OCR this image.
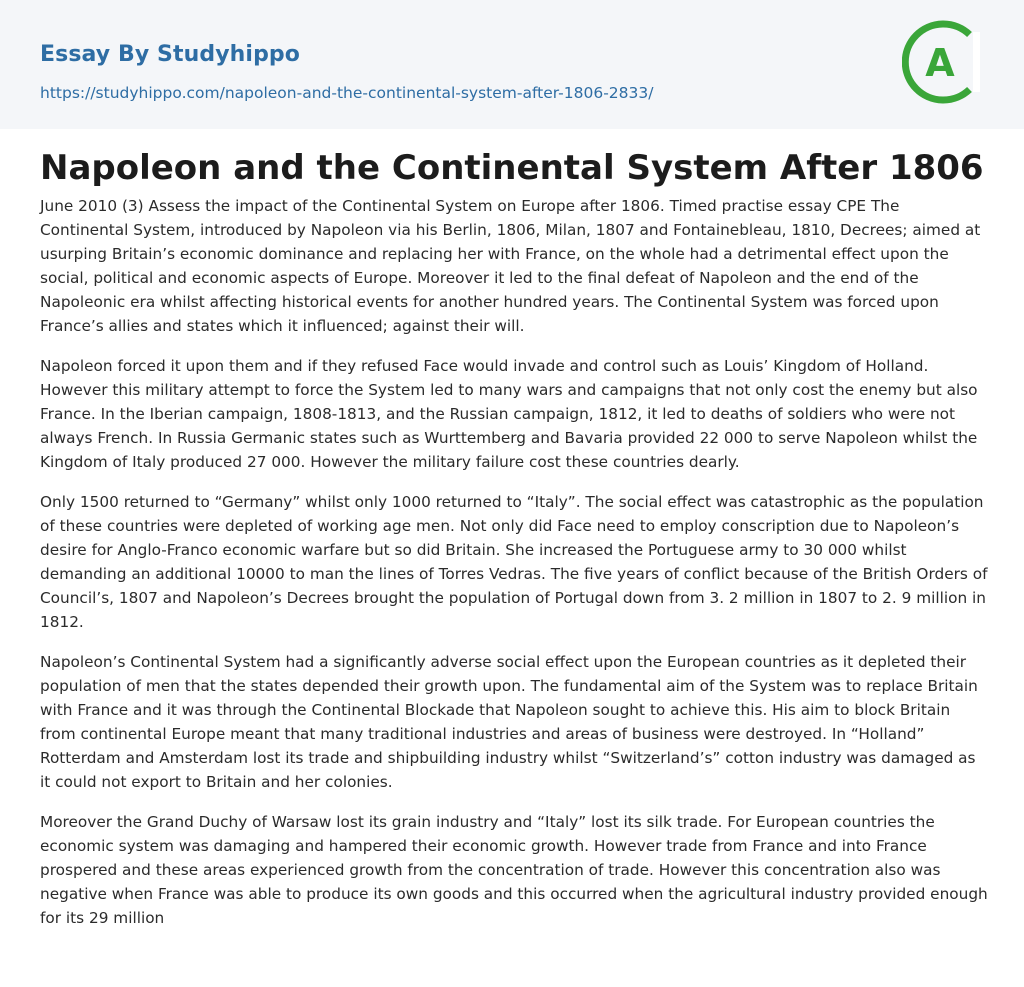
Essay By Studyhippo
https://studyhippo.com/napoleon-and-the-continental-system-after-1806-2833/
A
Napoleon and the Continental System After 1806

June 2010 (3) Assess the impact of the Continental System on Europe after 1806. Timed practise essay CPE The Continental System, introduced by Napoleon via his Berlin, 1806, Milan, 1807 and Fontainebleau, 1810, Decrees; aimed at usurping Britain’s economic dominance and replacing her with France, on the whole had a detrimental effect upon the social, political and economic aspects of Europe. Moreover it led to the final defeat of Napoleon and the end of the Napoleonic era whilst affecting historical events for another hundred years. The Continental System was forced upon France’s allies and states which it influenced; against their will.

Napoleon forced it upon them and if they refused Face would invade and control such as Louis’ Kingdom of Holland. However this military attempt to force the System led to many wars and campaigns that not only cost the enemy but also France. In the Iberian campaign, 1808-1813, and the Russian campaign, 1812, it led to deaths of soldiers who were not always French. In Russia Germanic states such as Wurttemberg and Bavaria provided 22 000 to serve Napoleon whilst the Kingdom of Italy produced 27 000. However the military failure cost these countries dearly.

Only 1500 returned to “Germany” whilst only 1000 returned to “Italy”. The social effect was catastrophic as the population of these countries were depleted of working age men. Not only did Face need to employ conscription due to Napoleon’s desire for Anglo-Franco economic warfare but so did Britain. She increased the Portuguese army to 30 000 whilst demanding an additional 10000 to man the lines of Torres Vedras. The five years of conflict because of the British Orders of Council’s, 1807 and Napoleon’s Decrees brought the population of Portugal down from 3. 2 million in 1807 to 2. 9 million in 1812.

Napoleon’s Continental System had a significantly adverse social effect upon the European countries as it depleted their population of men that the states depended their growth upon. The fundamental aim of the System was to replace Britain with France and it was through the Continental Blockade that Napoleon sought to achieve this. His aim to block Britain from continental Europe meant that many traditional industries and areas of business were destroyed. In “Holland” Rotterdam and Amsterdam lost its trade and shipbuilding industry whilst “Switzerland’s” cotton industry was damaged as it could not export to Britain and her colonies.

Moreover the Grand Duchy of Warsaw lost its grain industry and “Italy” lost its silk trade. For European countries the economic system was damaging and hampered their economic growth. However trade from France and into France prospered and these areas experienced growth from the concentration of trade. However this concentration also was negative when France was able to produce its own goods and this occurred when the agricultural industry provided enough for its 29 million
